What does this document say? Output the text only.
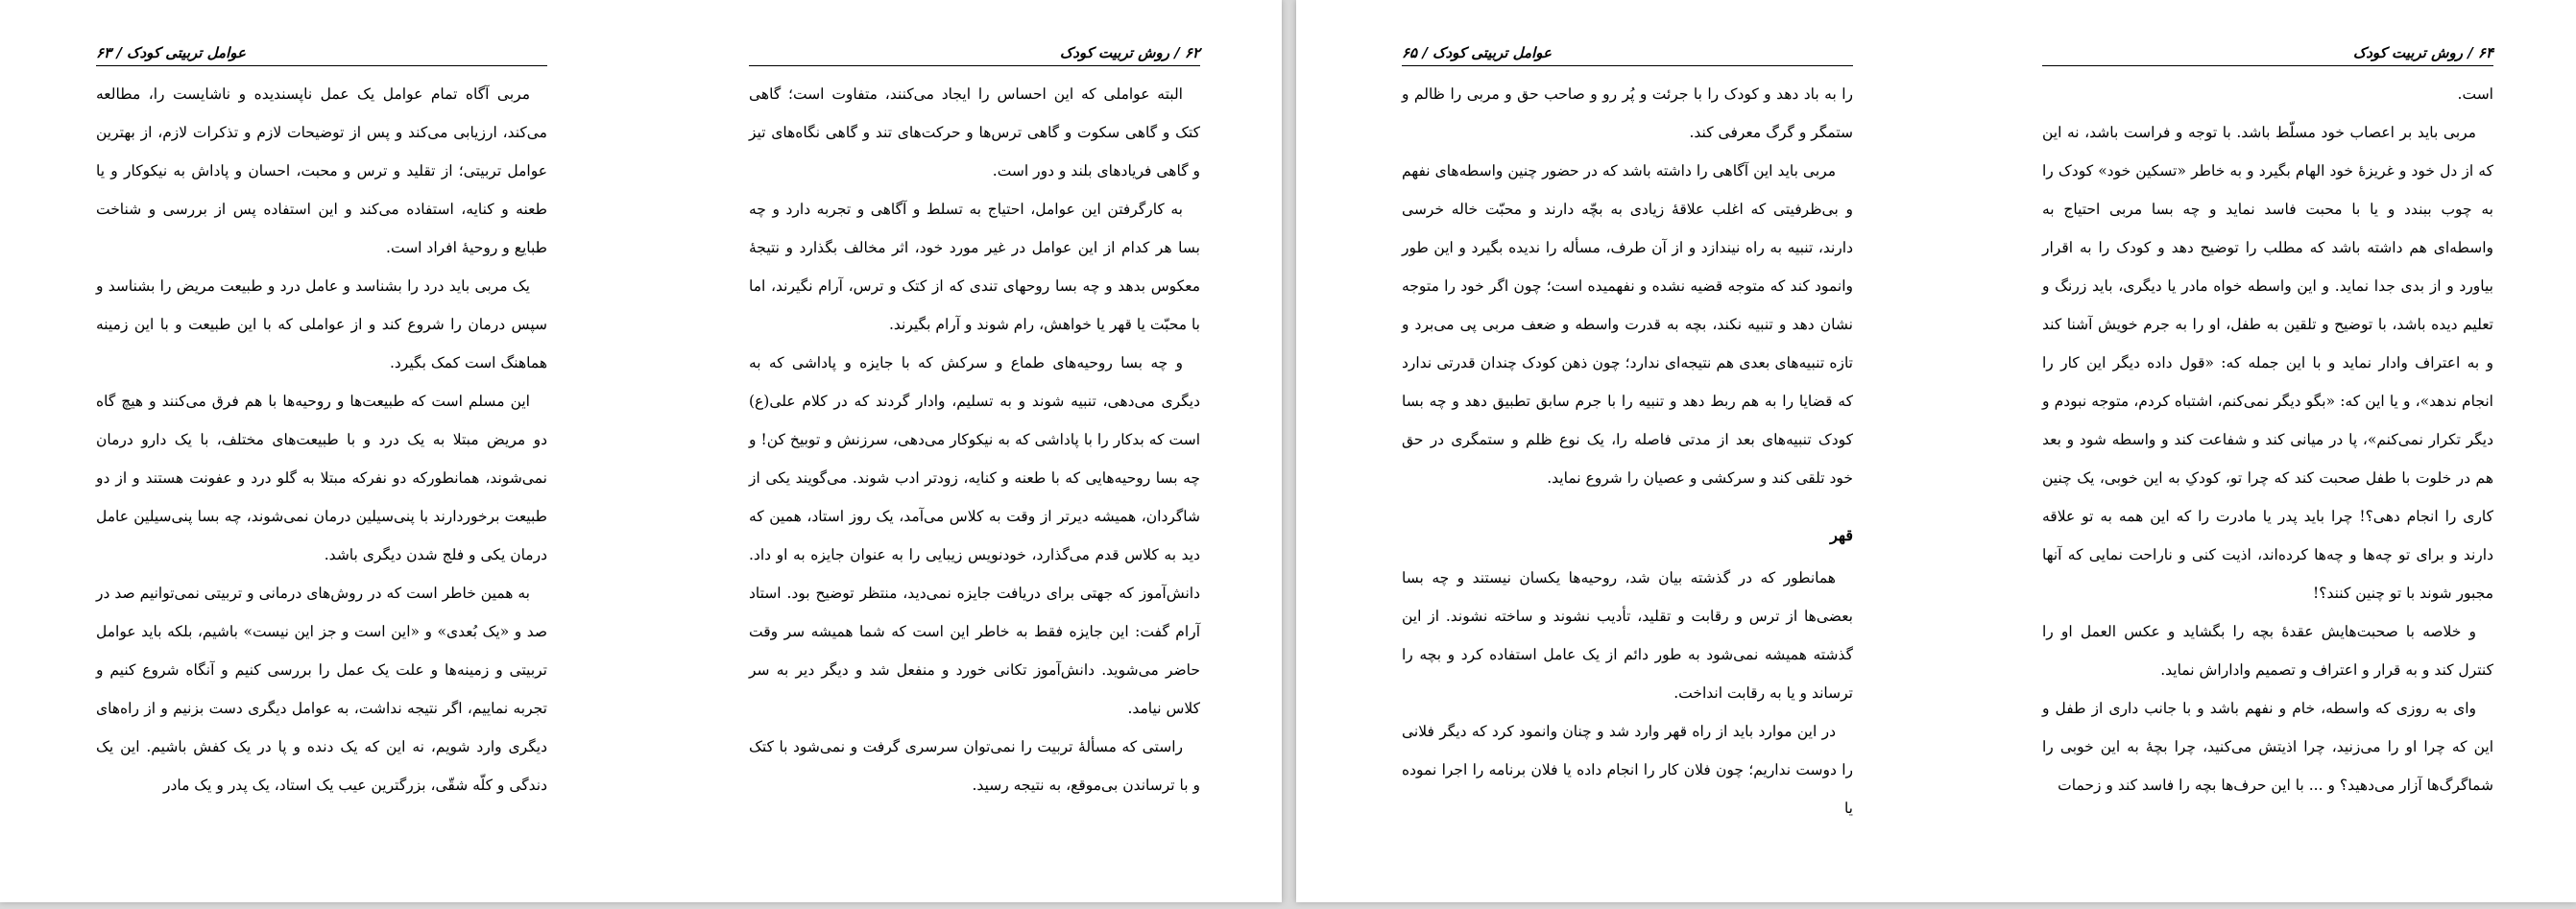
۶۲ / روش تربیت کودک

البته عواملی که این احساس را ایجاد می‌کنند، متفاوت است؛ گاهی کتک و گاهی سکوت و گاهی ترس‌ها و حرکت‌های تند و گاهی نگاه‌های تیز و گاهی فریادهای بلند و دور است.

به کارگرفتن این عوامل، احتیاج به تسلط و آگاهی و تجربه دارد و چه بسا هر کدام از این عوامل در غیر مورد خود، اثر مخالف بگذارد و نتیجهٔ معکوس بدهد و چه بسا روحهای تندی که از کتک و ترس، آرام نگیرند، اما با محبّت یا قهر یا خواهش، رام شوند و آرام بگیرند.

و چه بسا روحیه‌های طماع و سرکش که با جایزه و پاداشی که به دیگری می‌دهی، تنبیه شوند و به تسلیم، وادار گردند که در کلام علی(ع) است که بدکار را با پاداشی که به نیکوکار می‌دهی، سرزنش و توبیخ کن! و چه بسا روحیه‌هایی که با طعنه و کنایه، زودتر ادب شوند. می‌گویند یکی از شاگردان، همیشه دیرتر از وقت به کلاس می‌آمد، یک روز استاد، همین که دید به کلاس قدم می‌گذارد، خودنویس زیبایی را به عنوان جایزه به او داد. دانش‌آموز که جهتی برای دریافت جایزه نمی‌دید، منتظر توضیح بود. استاد آرام گفت: این جایزه فقط به خاطر این است که شما همیشه سر وقت حاضر می‌شوید. دانش‌آموز تکانی خورد و منفعل شد و دیگر دیر به سر کلاس نیامد.

راستی که مسألهٔ تربیت را نمی‌توان سرسری گرفت و نمی‌شود با کتک و با ترساندن بی‌موقع، به نتیجه رسید.

عوامل تربیتی کودک / ۶۳

مربی آگاه تمام عوامل یک عمل ناپسندیده و ناشایست را، مطالعه می‌کند، ارزیابی می‌کند و پس از توضیحات لازم و تذکرات لازم، از بهترین عوامل تربیتی؛ از تقلید و ترس و محبت، احسان و پاداش به نیکوکار و یا طعنه و کنایه، استفاده می‌کند و این استفاده پس از بررسی و شناخت طبایع و روحیهٔ افراد است.

یک مربی باید درد را بشناسد و عامل درد و طبیعت مریض را بشناسد و سپس درمان را شروع کند و از عواملی که با این طبیعت و با این زمینه هماهنگ است کمک بگیرد.

این مسلم است که طبیعت‌ها و روحیه‌ها با هم فرق می‌کنند و هیچ گاه دو مریض مبتلا به یک درد و با طبیعت‌های مختلف، با یک دارو درمان نمی‌شوند، همانطورکه دو نفرکه مبتلا به گلو درد و عفونت هستند و از دو طبیعت برخوردارند با پنی‌سیلین درمان نمی‌شوند، چه بسا پنی‌سیلین عامل درمان یکی و فلج شدن دیگری باشد.

به همین خاطر است که در روش‌های درمانی و تربیتی نمی‌توانیم صد در صد و «یک بُعدی» و «این است و جز این نیست» باشیم، بلکه باید عوامل تربیتی و زمینه‌ها و علت یک عمل را بررسی کنیم و آنگاه شروع کنیم و تجربه نماییم، اگر نتیجه نداشت، به عوامل دیگری دست بزنیم و از راه‌های دیگری وارد شویم، نه این که یک دنده و پا در یک کفش باشیم. این یک دندگی و کلّه شقّی، بزرگترین عیب یک استاد، یک پدر و یک مادر

۶۴ / روش تربیت کودک

است.

مربی باید بر اعصاب خود مسلّط باشد. با توجه و فراست باشد، نه این که از دل خود و غریزهٔ خود الهام بگیرد و به خاطر «تسکین خود» کودک را به چوب ببندد و یا با محبت فاسد نماید و چه بسا مربی احتیاج به واسطه‌ای هم داشته باشد که مطلب را توضیح دهد و کودک را به اقرار بیاورد و از بدی جدا نماید. و این واسطه خواه مادر یا دیگری، باید زرنگ و تعلیم دیده باشد، با توضیح و تلقین به طفل، او را به جرم خویش آشنا کند و به اعتراف وادار نماید و با این جمله که: «قول داده دیگر این کار را انجام ندهد»، و یا این که: «بگو دیگر نمی‌کنم، اشتباه کردم، متوجه نبودم و دیگر تکرار نمی‌کنم»، پا در میانی کند و شفاعت کند و واسطه شود و بعد هم در خلوت با طفل صحبت کند که چرا تو، کودکِ به این خوبی، یک چنین کاری را انجام دهی؟! چرا باید پدر یا مادرت را که این همه به تو علاقه دارند و برای تو چه‌ها و چه‌ها کرده‌اند، اذیت کنی و ناراحت نمایی که آنها مجبور شوند با تو چنین کنند؟!

و خلاصه با صحبت‌هایش عقدهٔ بچه را بگشاید و عکس العمل او را کنترل کند و به قرار و اعتراف و تصمیم واداراش نماید.

وای به روزی که واسطه، خام و نفهم باشد و با جانب داری از طفل و این که چرا او را می‌زنید، چرا اذیتش می‌کنید، چرا بچهٔ به این خوبی را شماگرگ‌ها آزار می‌دهید؟ و ... با این حرف‌ها بچه را فاسد کند و زحمات

عوامل تربیتی کودک / ۶۵

را به باد دهد و کودک را با جرئت و پُر رو و صاحب حق و مربی را ظالم و ستمگر و گرگ معرفی کند.

مربی باید این آگاهی را داشته باشد که در حضور چنین واسطه‌های نفهم و بی‌ظرفیتی که اغلب علاقهٔ زیادی به بچّه دارند و محبّت خاله خرسی دارند، تنبیه به راه نیندازد و از آن طرف، مسأله را ندیده بگیرد و این طور وانمود کند که متوجه قضیه نشده و نفهمیده است؛ چون اگر خود را متوجه نشان دهد و تنبیه نکند، بچه به قدرت واسطه و ضعف مربی پی می‌برد و تازه تنبیه‌های بعدی هم نتیجه‌ای ندارد؛ چون ذهن کودک چندان قدرتی ندارد که قضایا را به هم ربط دهد و تنبیه را با جرم سابق تطبیق دهد و چه بسا کودک تنبیه‌های بعد از مدتی فاصله را، یک نوع ظلم و ستمگری در حق خود تلقی کند و سرکشی و عصیان را شروع نماید.

قهر

همانطور که در گذشته بیان شد، روحیه‌ها یکسان نیستند و چه بسا بعضی‌ها از ترس و رقابت و تقلید، تأدیب نشوند و ساخته نشوند. از این گذشته همیشه نمی‌شود به طور دائم از یک عامل استفاده کرد و بچه را ترساند و یا به رقابت انداخت.

در این موارد باید از راه قهر وارد شد و چنان وانمود کرد که دیگر فلانی را دوست نداریم؛ چون فلان کار را انجام داده یا فلان برنامه را اجرا نموده یا
